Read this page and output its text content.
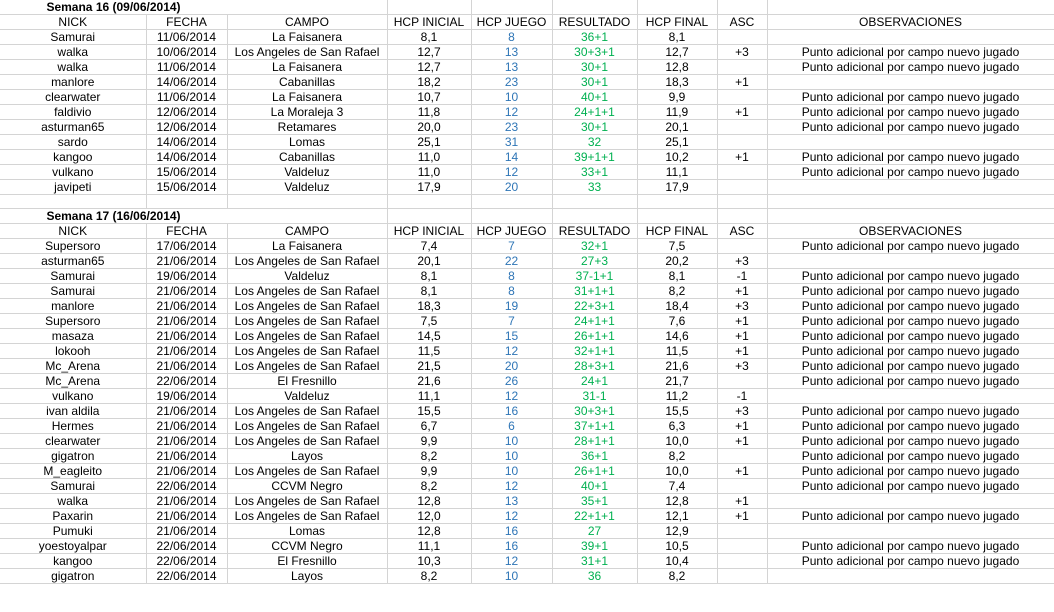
Semana 16 (09/06/2014)								
NICK	FECHA	CAMPO	HCP INICIAL	HCP JUEGO	RESULTADO	HCP FINAL	ASC	OBSERVACIONES
Samurai	11/06/2014	La Faisanera	8,1	8	36+1	8,1		
walka	10/06/2014	Los Angeles de San Rafael	12,7	13	30+3+1	12,7	+3	Punto adicional por campo nuevo jugado
walka	11/06/2014	La Faisanera	12,7	13	30+1	12,8		Punto adicional por campo nuevo jugado
manlore	14/06/2014	Cabanillas	18,2	23	30+1	18,3	+1	
clearwater	11/06/2014	La Faisanera	10,7	10	40+1	9,9		Punto adicional por campo nuevo jugado
faldivio	12/06/2014	La Moraleja 3	11,8	12	24+1+1	11,9	+1	Punto adicional por campo nuevo jugado
asturman65	12/06/2014	Retamares	20,0	23	30+1	20,1		Punto adicional por campo nuevo jugado
sardo	14/06/2014	Lomas	25,1	31	32	25,1		
kangoo	14/06/2014	Cabanillas	11,0	14	39+1+1	10,2	+1	Punto adicional por campo nuevo jugado
vulkano	15/06/2014	Valdeluz	11,0	12	33+1	11,1		Punto adicional por campo nuevo jugado
javipeti	15/06/2014	Valdeluz	17,9	20	33	17,9		

Semana 17 (16/06/2014)								
NICK	FECHA	CAMPO	HCP INICIAL	HCP JUEGO	RESULTADO	HCP FINAL	ASC	OBSERVACIONES
Supersoro	17/06/2014	La Faisanera	7,4	7	32+1	7,5		Punto adicional por campo nuevo jugado
asturman65	21/06/2014	Los Angeles de San Rafael	20,1	22	27+3	20,2	+3	
Samurai	19/06/2014	Valdeluz	8,1	8	37-1+1	8,1	-1	Punto adicional por campo nuevo jugado
Samurai	21/06/2014	Los Angeles de San Rafael	8,1	8	31+1+1	8,2	+1	Punto adicional por campo nuevo jugado
manlore	21/06/2014	Los Angeles de San Rafael	18,3	19	22+3+1	18,4	+3	Punto adicional por campo nuevo jugado
Supersoro	21/06/2014	Los Angeles de San Rafael	7,5	7	24+1+1	7,6	+1	Punto adicional por campo nuevo jugado
masaza	21/06/2014	Los Angeles de San Rafael	14,5	15	26+1+1	14,6	+1	Punto adicional por campo nuevo jugado
lokooh	21/06/2014	Los Angeles de San Rafael	11,5	12	32+1+1	11,5	+1	Punto adicional por campo nuevo jugado
Mc_Arena	21/06/2014	Los Angeles de San Rafael	21,5	20	28+3+1	21,6	+3	Punto adicional por campo nuevo jugado
Mc_Arena	22/06/2014	El Fresnillo	21,6	26	24+1	21,7		Punto adicional por campo nuevo jugado
vulkano	19/06/2014	Valdeluz	11,1	12	31-1	11,2	-1	
ivan aldila	21/06/2014	Los Angeles de San Rafael	15,5	16	30+3+1	15,5	+3	Punto adicional por campo nuevo jugado
Hermes	21/06/2014	Los Angeles de San Rafael	6,7	6	37+1+1	6,3	+1	Punto adicional por campo nuevo jugado
clearwater	21/06/2014	Los Angeles de San Rafael	9,9	10	28+1+1	10,0	+1	Punto adicional por campo nuevo jugado
gigatron	21/06/2014	Layos	8,2	10	36+1	8,2		Punto adicional por campo nuevo jugado
M_eagleito	21/06/2014	Los Angeles de San Rafael	9,9	10	26+1+1	10,0	+1	Punto adicional por campo nuevo jugado
Samurai	22/06/2014	CCVM Negro	8,2	12	40+1	7,4		Punto adicional por campo nuevo jugado
walka	21/06/2014	Los Angeles de San Rafael	12,8	13	35+1	12,8	+1	
Paxarin	21/06/2014	Los Angeles de San Rafael	12,0	12	22+1+1	12,1	+1	Punto adicional por campo nuevo jugado
Pumuki	21/06/2014	Lomas	12,8	16	27	12,9		
yoestoyalpar	22/06/2014	CCVM Negro	11,1	16	39+1	10,5		Punto adicional por campo nuevo jugado
kangoo	22/06/2014	El Fresnillo	10,3	12	31+1	10,4		Punto adicional por campo nuevo jugado
gigatron	22/06/2014	Layos	8,2	10	36	8,2		
